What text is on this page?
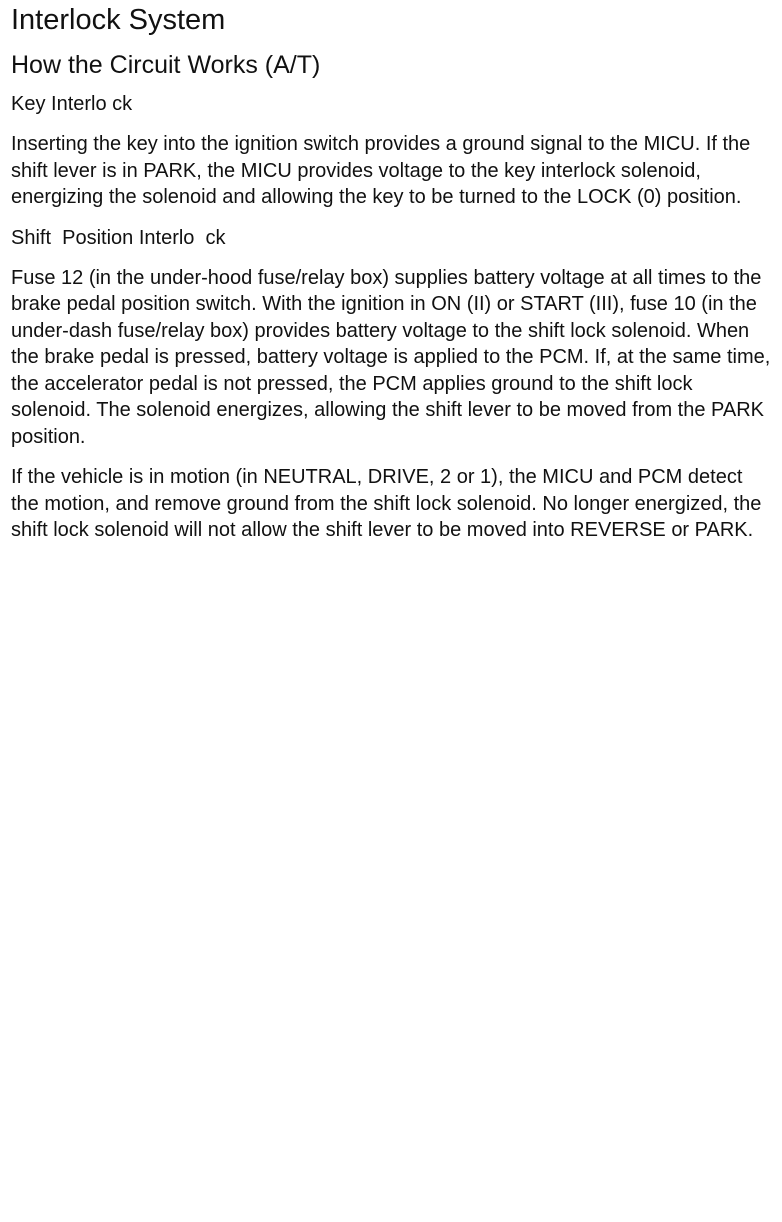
Interlock System
How the Circuit Works (A/T)
Key Interlo ck

Inserting the key into the ignition switch provides a ground signal to the MICU. If the shift lever is in PARK, the MICU provides voltage to the key interlock solenoid, energizing the solenoid and allowing the key to be turned to the LOCK (0) position.

Shift  Position Interlo  ck

Fuse 12 (in the under-hood fuse/relay box) supplies battery voltage at all times to the brake pedal position switch. With the ignition in ON (II) or START (III), fuse 10 (in the under-dash fuse/relay box) provides battery voltage to the shift lock solenoid. When the brake pedal is pressed, battery voltage is applied to the PCM. If, at the same time, the accelerator pedal is not pressed, the PCM applies ground to the shift lock solenoid. The solenoid energizes, allowing the shift lever to be moved from the PARK position.

If the vehicle is in motion (in NEUTRAL, DRIVE, 2 or 1), the MICU and PCM detect the motion, and remove ground from the shift lock solenoid. No longer energized, the shift lock solenoid will not allow the shift lever to be moved into REVERSE or PARK.
